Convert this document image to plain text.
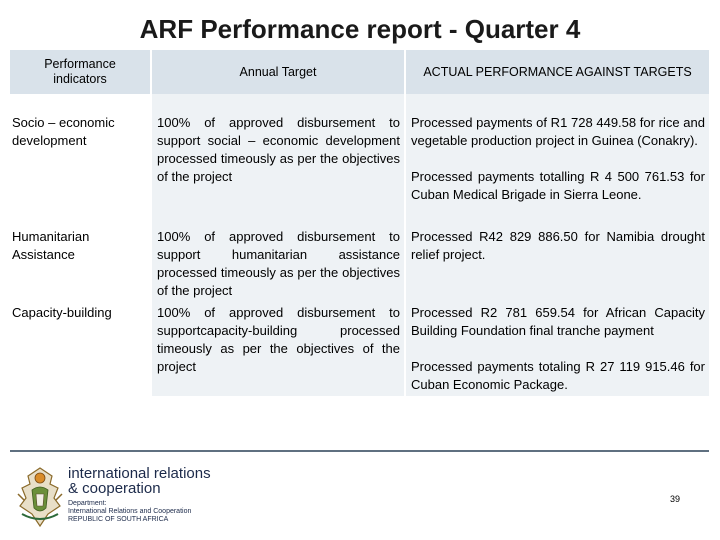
ARF Performance report - Quarter 4
Performance indicators	Annual Target	ACTUAL PERFORMANCE AGAINST TARGETS
Socio – economic development	100% of approved disbursement to support social – economic development processed timeously as per the objectives of the project	Processed payments of R1 728 449.58 for rice and vegetable production project in Guinea (Conakry).

Processed payments totalling R 4 500 761.53 for Cuban Medical Brigade in Sierra Leone.

Humanitarian Assistance	100% of approved disbursement to support humanitarian assistance processed timeously as per the objectives of the project	Processed R42 829 886.50 for Namibia drought relief project.

Capacity-building	100% of approved disbursement to supportcapacity-building processed timeously as per the objectives of the project	Processed R2 781 659.54 for African Capacity Building Foundation final tranche payment

Processed payments totaling R 27 119 915.46 for Cuban Economic Package.

international relations
& cooperation
Department:
International Relations and Cooperation
REPUBLIC OF SOUTH AFRICA
39
